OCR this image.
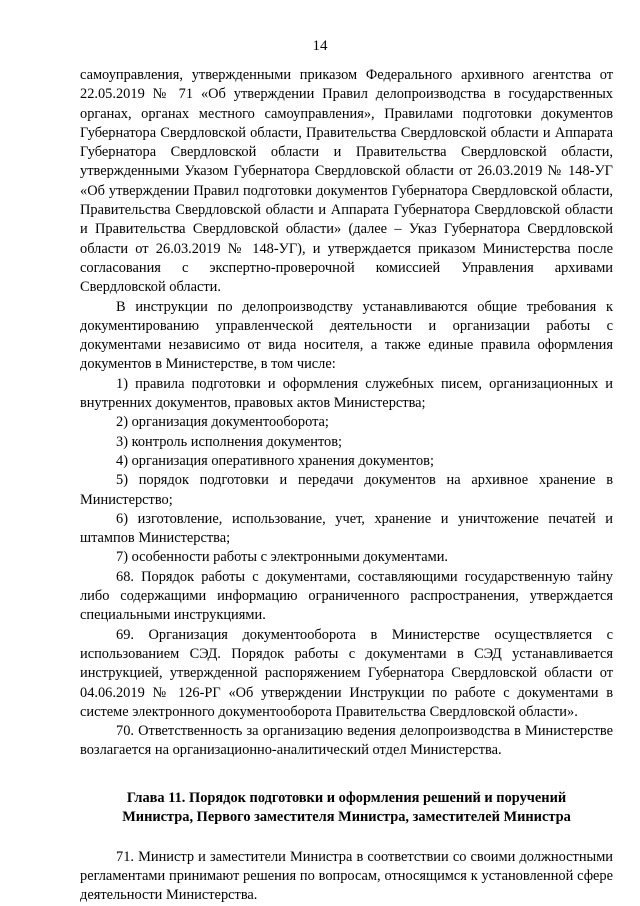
14

самоуправления, утвержденными приказом Федерального архивного агентства от 22.05.2019 № 71 «Об утверждении Правил делопроизводства в государственных органах, органах местного самоуправления», Правилами подготовки документов Губернатора Свердловской области, Правительства Свердловской области и Аппарата Губернатора Свердловской области и Правительства Свердловской области, утвержденными Указом Губернатора Свердловской области от 26.03.2019 № 148-УГ «Об утверждении Правил подготовки документов Губернатора Свердловской области, Правительства Свердловской области и Аппарата Губернатора Свердловской области и Правительства Свердловской области» (далее – Указ Губернатора Свердловской области от 26.03.2019 № 148-УГ), и утверждается приказом Министерства после согласования с экспертно-проверочной комиссией Управления архивами Свердловской области.

В инструкции по делопроизводству устанавливаются общие требования к документированию управленческой деятельности и организации работы с документами независимо от вида носителя, а также единые правила оформления документов в Министерстве, в том числе:

1) правила подготовки и оформления служебных писем, организационных и внутренних документов, правовых актов Министерства;

2) организация документооборота;

3) контроль исполнения документов;

4) организация оперативного хранения документов;

5) порядок подготовки и передачи документов на архивное хранение в Министерство;

6) изготовление, использование, учет, хранение и уничтожение печатей и штампов Министерства;

7) особенности работы с электронными документами.

68. Порядок работы с документами, составляющими государственную тайну либо содержащими информацию ограниченного распространения, утверждается специальными инструкциями.

69. Организация документооборота в Министерстве осуществляется с использованием СЭД. Порядок работы с документами в СЭД устанавливается инструкцией, утвержденной распоряжением Губернатора Свердловской области от 04.06.2019 № 126-РГ «Об утверждении Инструкции по работе с документами в системе электронного документооборота Правительства Свердловской области».

70. Ответственность за организацию ведения делопроизводства в Министерстве возлагается на организационно-аналитический отдел Министерства.

Глава 11. Порядок подготовки и оформления решений и поручений
Министра, Первого заместителя Министра, заместителей Министра

71. Министр и заместители Министра в соответствии со своими должностными регламентами принимают решения по вопросам, относящимся к установленной сфере деятельности Министерства.
